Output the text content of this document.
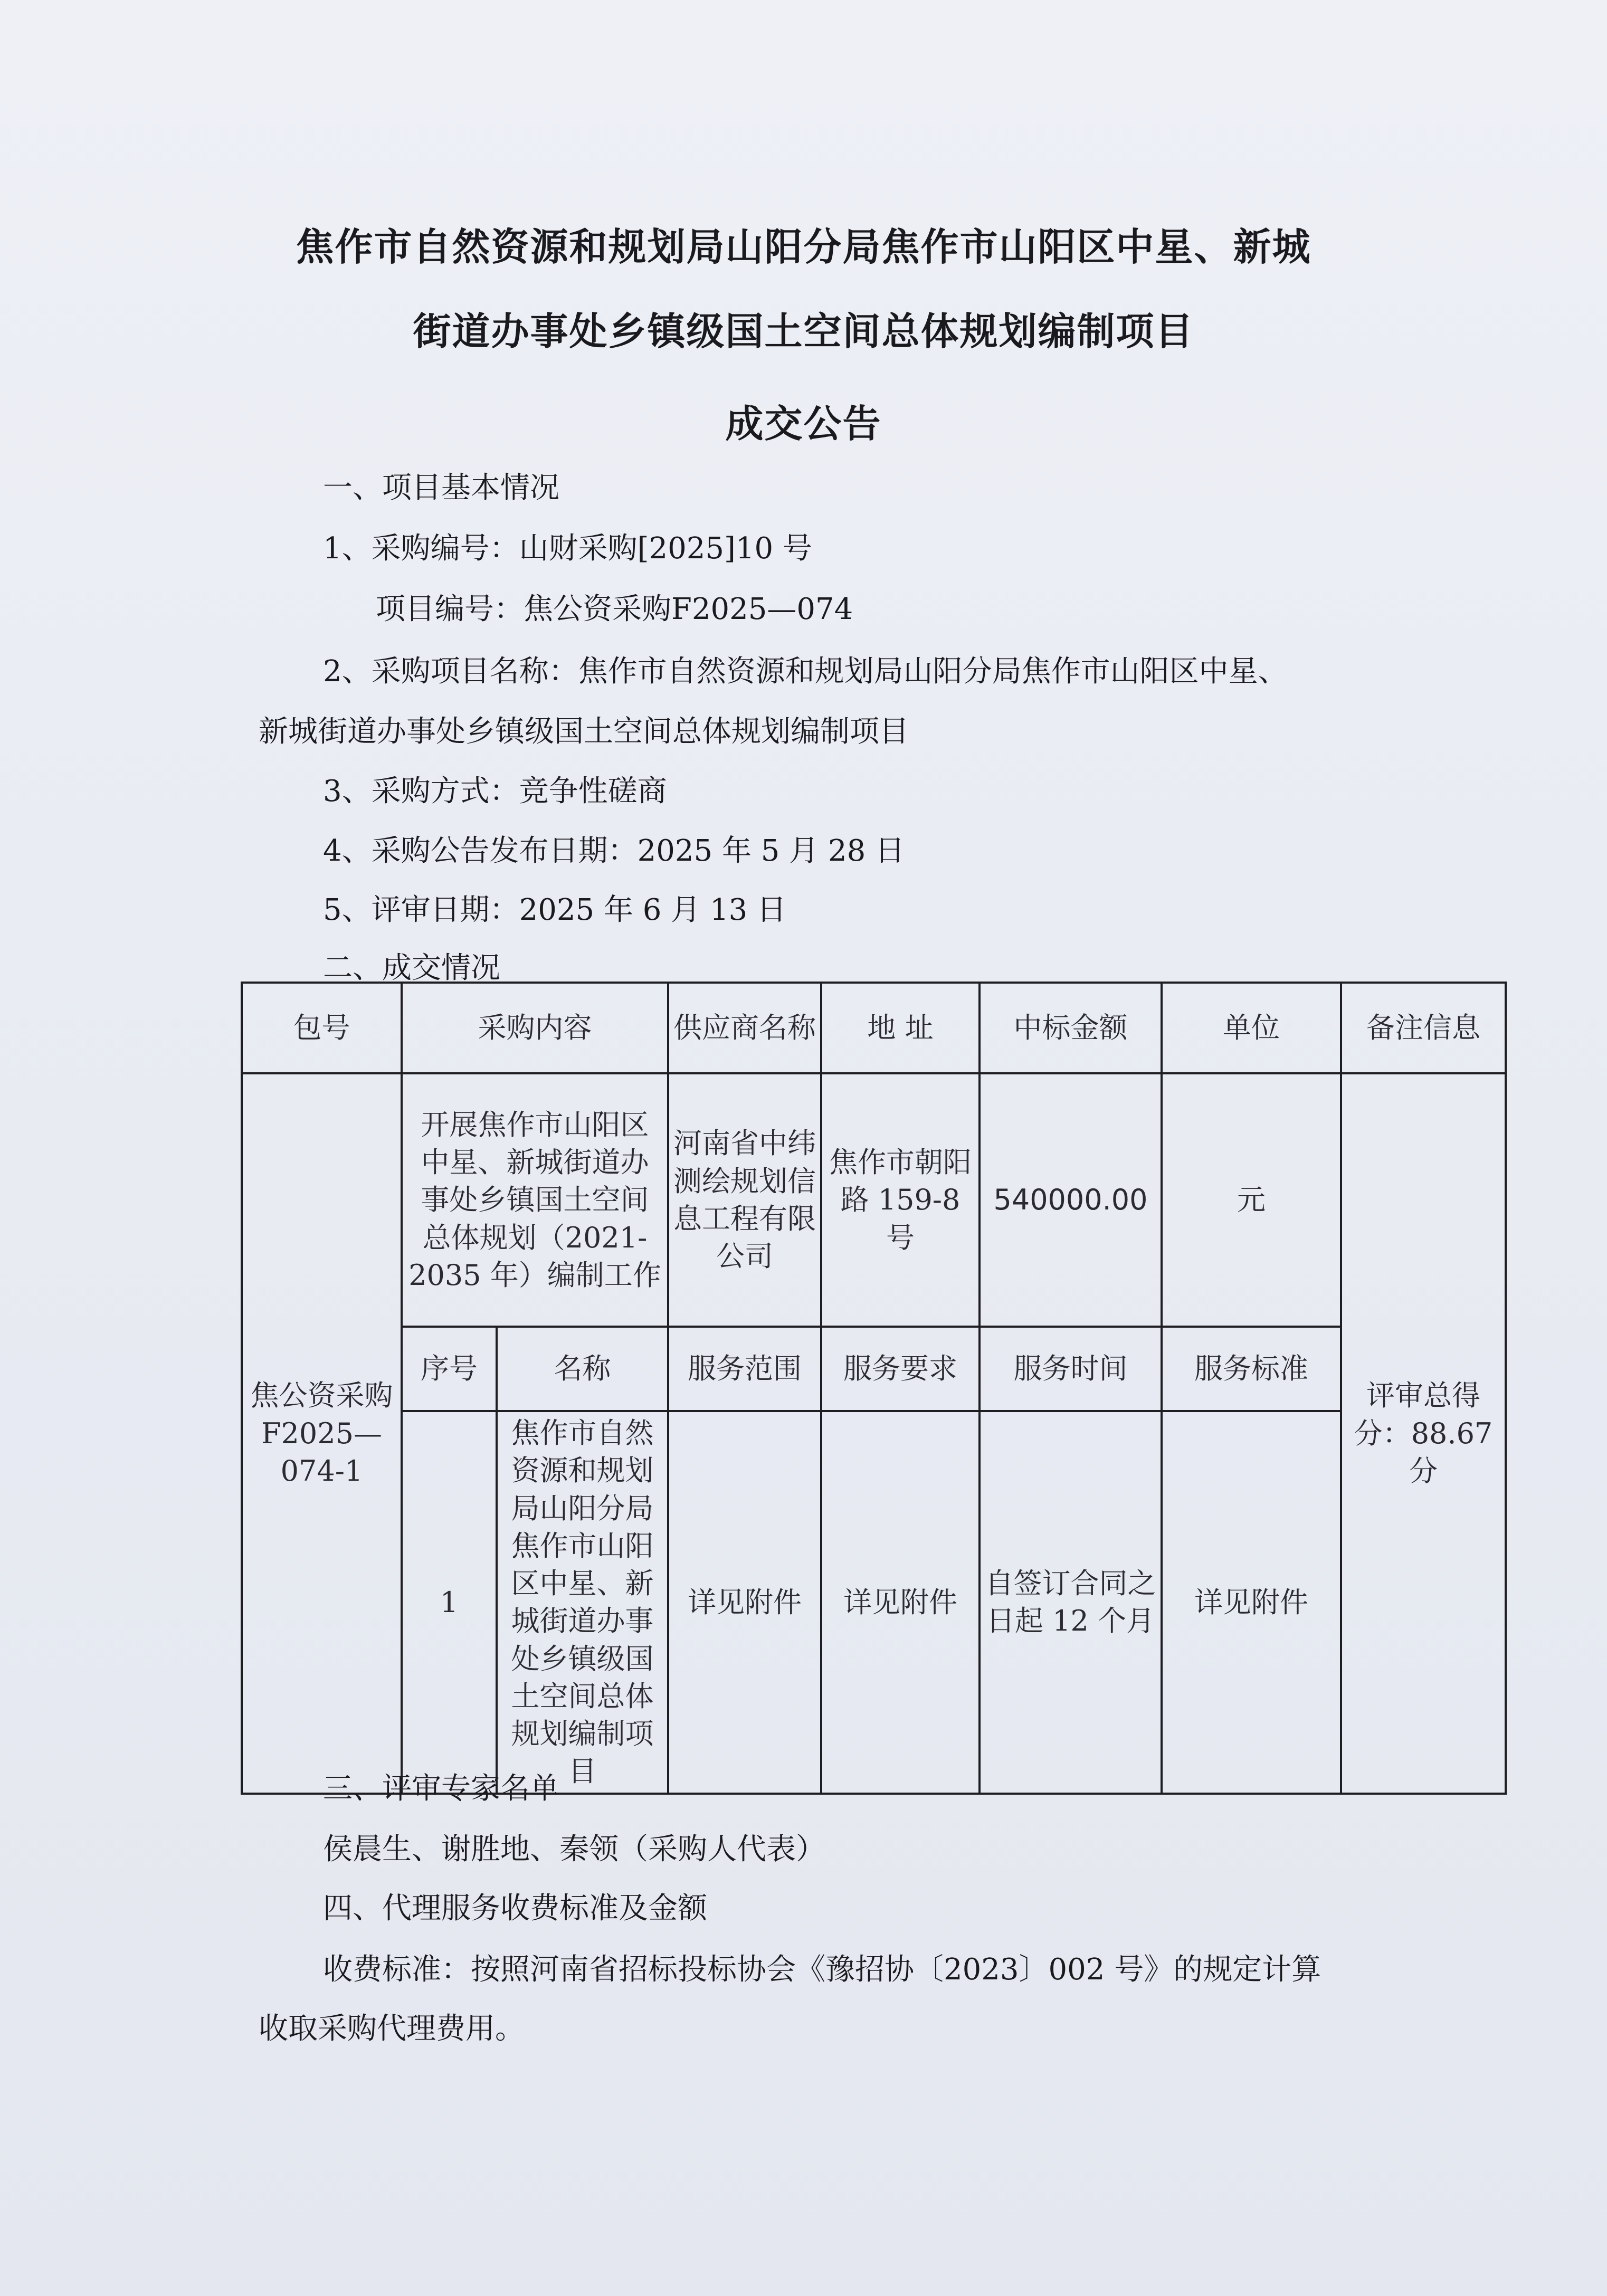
焦作市自然资源和规划局山阳分局焦作市山阳区中星、新城
街道办事处乡镇级国土空间总体规划编制项目
成交公告
一、项目基本情况
1、采购编号：山财采购[2025]10 号
项目编号：焦公资采购F2025—074
2、采购项目名称：焦作市自然资源和规划局山阳分局焦作市山阳区中星、
新城街道办事处乡镇级国土空间总体规划编制项目
3、采购方式：竞争性磋商
4、采购公告发布日期：2025 年 5 月 28 日
5、评审日期：2025 年 6 月 13 日
二、成交情况
包号	采购内容		供应商名称	地 址	中标金额	单位	备注信息
焦公资采购F2025—074-1	开展焦作市山阳区中星、新城街道办事处乡镇国土空间总体规划（2021-2035 年）编制工作		河南省中纬测绘规划信息工程有限公司	焦作市朝阳路 159-8 号	540000.00	元	评审总得分：88.67 分
	序号	名称	服务范围	服务要求	服务时间	服务标准	
	1	焦作市自然资源和规划局山阳分局焦作市山阳区中星、新城街道办事处乡镇级国土空间总体规划编制项目	详见附件	详见附件	自签订合同之日起 12 个月	详见附件	
三、评审专家名单
侯晨生、谢胜地、秦领（采购人代表）
四、代理服务收费标准及金额
收费标准：按照河南省招标投标协会《豫招协〔2023〕002 号》的规定计算
收取采购代理费用。
